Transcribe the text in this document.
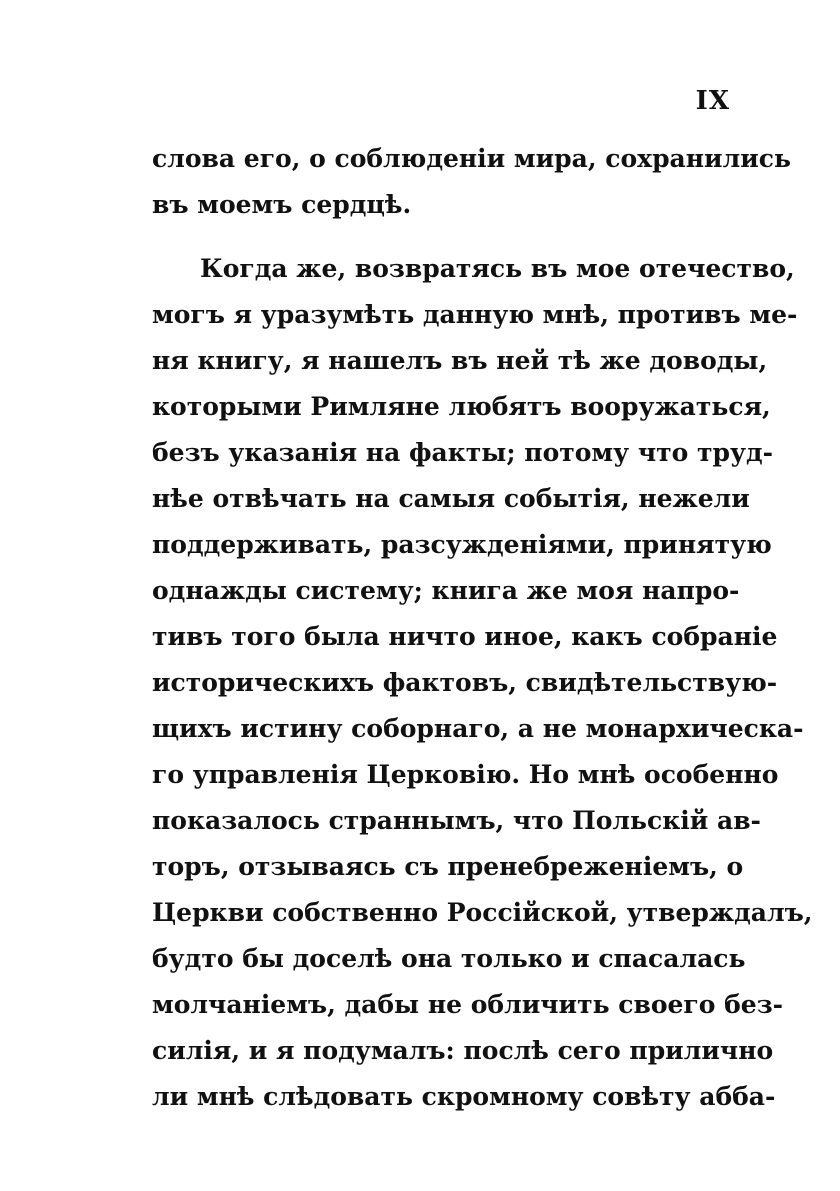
IX
слова его, о соблюденіи мира, сохранились
въ моемъ сердцѣ.
Когда же, возвратясь въ мое отечество,
могъ я уразумѣть данную мнѣ, противъ ме-
ня книгу, я нашелъ въ ней тѣ же доводы,
которыми Римляне любятъ вооружаться,
безъ указанія на факты; потому что труд-
нѣе отвѣчать на самыя событія, нежели
поддерживать, разсужденіями, принятую
однажды систему; книга же моя напро-
тивъ того была ничто иное, какъ собраніе
историческихъ фактовъ, свидѣтельствую-
щихъ истину соборнаго, а не монархическа-
го управленія Церковію. Но мнѣ особенно
показалось страннымъ, что Польскій ав-
торъ, отзываясь съ пренебреженіемъ, о
Церкви собственно Россійской, утверждалъ,
будто бы доселѣ она только и спасалась
молчаніемъ, дабы не обличить своего без-
силія, и я подумалъ: послѣ сего прилично
ли мнѣ слѣдовать скромному совѣту абба-
